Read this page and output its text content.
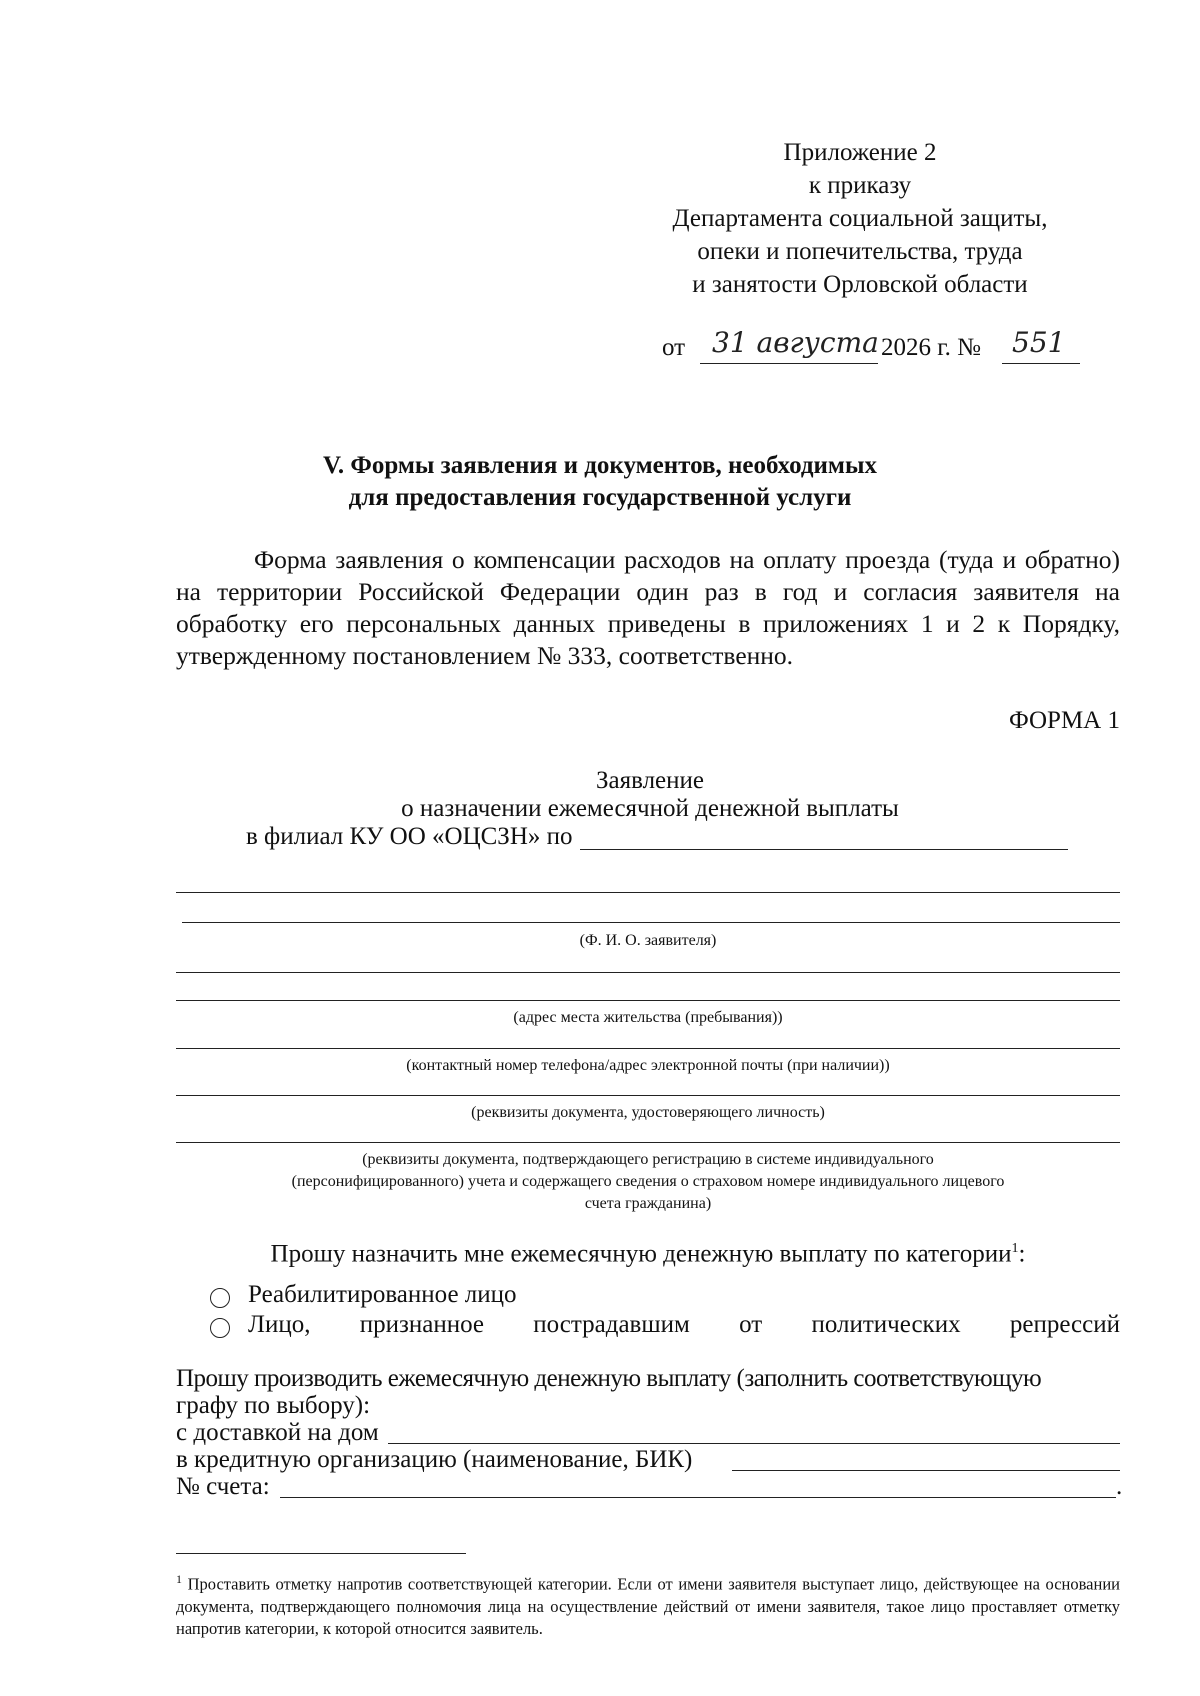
Приложение 2
к приказу
Департамента социальной защиты,
опеки и попечительства, труда
и занятости Орловской области
от 31 августа 2026 г. № 551
V. Формы заявления и документов, необходимых
для предоставления государственной услуги
Форма заявления о компенсации расходов на оплату проезда (туда и обратно) на территории Российской Федерации один раз в год и согласия заявителя на обработку его персональных данных приведены в приложениях 1 и 2 к Порядку, утвержденному постановлением № 333, соответственно.
ФОРМА 1
Заявление
о назначении ежемесячной денежной выплаты
в филиал КУ ОО «ОЦСЗН» по
(Ф. И. О. заявителя)
(адрес места жительства (пребывания))
(контактный номер телефона/адрес электронной почты (при наличии))
(реквизиты документа, удостоверяющего личность)
(реквизиты документа, подтверждающего регистрацию в системе индивидуального
(персонифицированного) учета и содержащего сведения о страховом номере индивидуального лицевого
счета гражданина)
Прошу назначить мне ежемесячную денежную выплату по категории$^1$:
Реабилитированное лицо
Лицо, признанное пострадавшим от политических репрессий
Прошу производить ежемесячную денежную выплату (заполнить соответствующую
графу по выбору):
с доставкой на дом
в кредитную организацию (наименование, БИК)
№ счета:	.
$^1$ Проставить отметку напротив соответствующей категории. Если от имени заявителя выступает лицо, действующее на основании документа, подтверждающего полномочия лица на осуществление действий от имени заявителя, такое лицо проставляет отметку напротив категории, к которой относится заявитель.
